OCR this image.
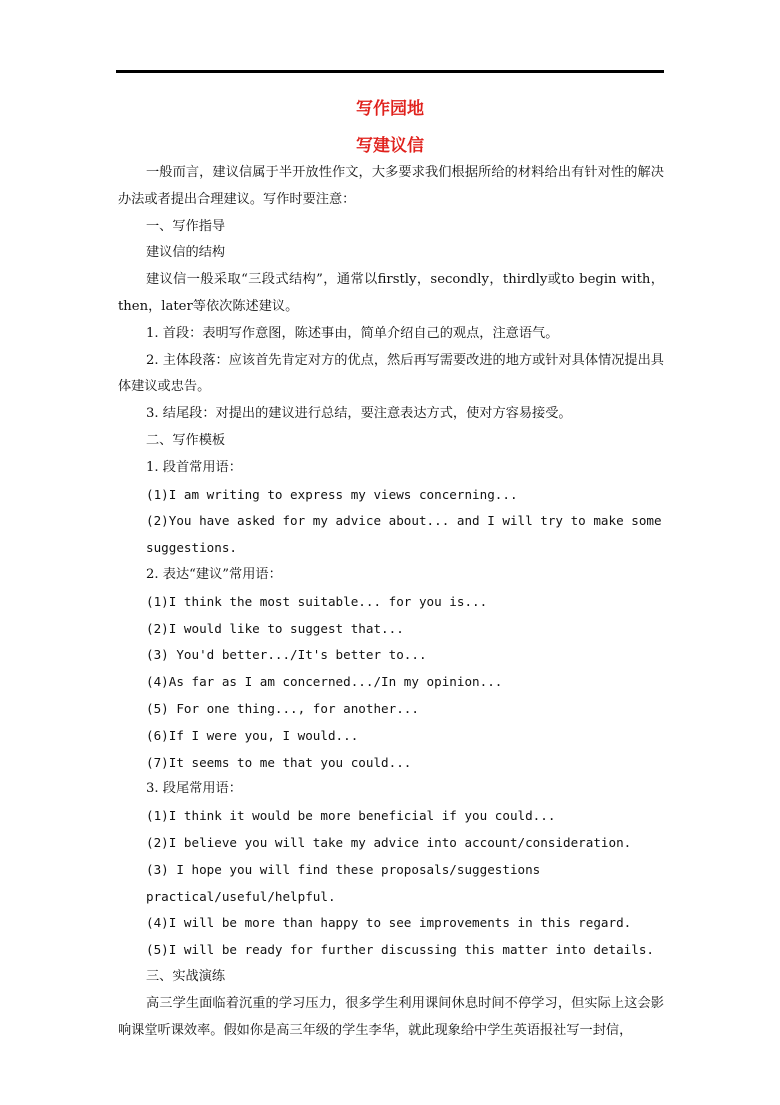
写作园地
写建议信

一般而言，建议信属于半开放性作文，大多要求我们根据所给的材料给出有针对性的解决办法或者提出合理建议。写作时要注意：

一、写作指导

建议信的结构

建议信一般采取“三段式结构”，通常以firstly，secondly，thirdly或to begin with，then，later等依次陈述建议。

1. 首段：表明写作意图，陈述事由，简单介绍自己的观点，注意语气。

2. 主体段落：应该首先肯定对方的优点，然后再写需要改进的地方或针对具体情况提出具体建议或忠告。

3. 结尾段：对提出的建议进行总结，要注意表达方式，使对方容易接受。

二、写作模板

1. 段首常用语：

(1)I am writing to express my views concerning...

(2)You have asked for my advice about... and I will try to make some suggestions.

2. 表达“建议”常用语：

(1)I think the most suitable... for you is...

(2)I would like to suggest that...

(3) You'd better.../It's better to...

(4)As far as I am concerned.../In my opinion...

(5) For one thing..., for another...

(6)If I were you, I would...

(7)It seems to me that you could...

3. 段尾常用语：

(1)I think it would be more beneficial if you could...

(2)I believe you will take my advice into account/consideration.

(3) I hope you will find these proposals/suggestions practical/useful/helpful.

(4)I will be more than happy to see improvements in this regard.

(5)I will be ready for further discussing this matter into details.

三、实战演练

高三学生面临着沉重的学习压力，很多学生利用课间休息时间不停学习，但实际上这会影响课堂听课效率。假如你是高三年级的学生李华，就此现象给中学生英语报社写一封信，
